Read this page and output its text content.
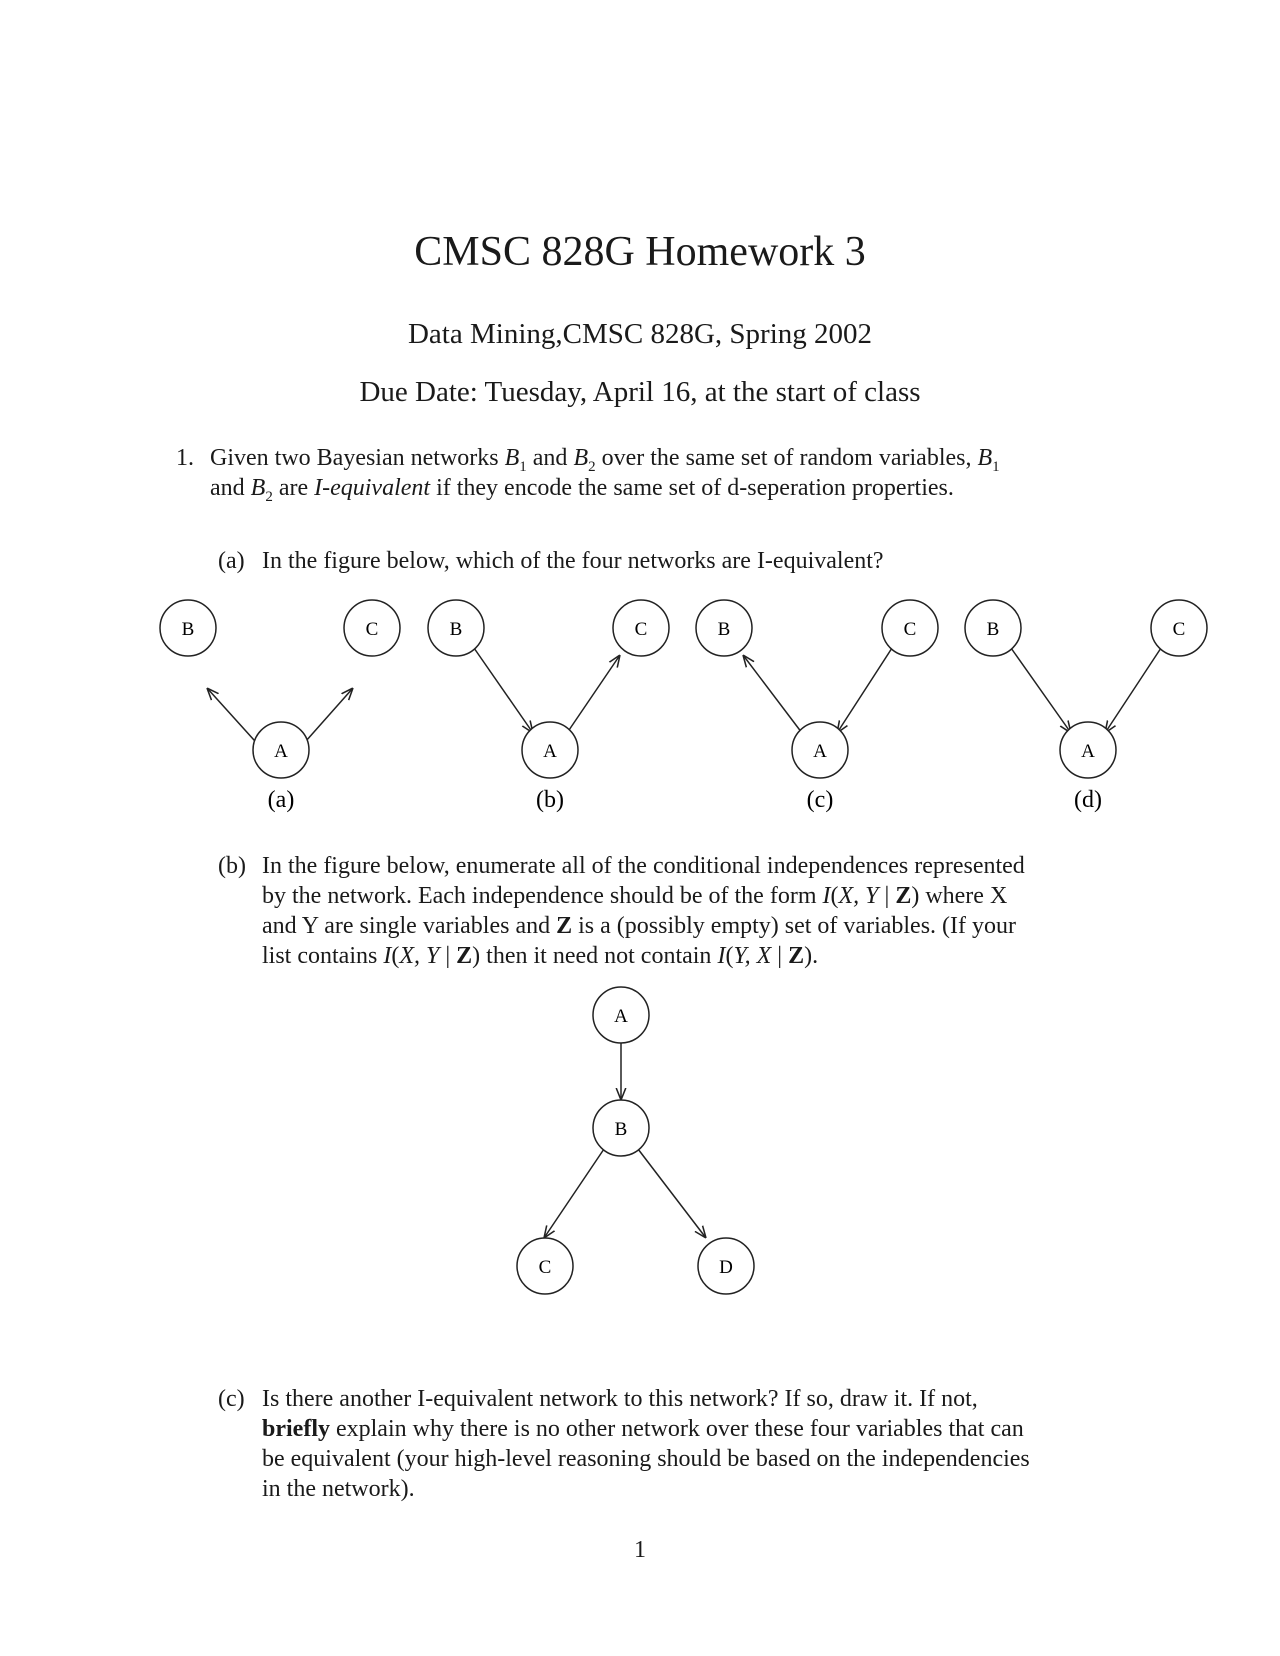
CMSC 828G Homework 3
Data Mining,CMSC 828G, Spring 2002
Due Date: Tuesday, April 16, at the start of class
1. Given two Bayesian networks $B_1$ and $B_2$ over the same set of random variables, $B_1$
and $B_2$ are I-equivalent if they encode the same set of d-seperation properties.
(a) In the figure below, which of the four networks are I-equivalent?
B	C
A
(a)
B	C
A
(b)
B	C
A
(c)
B	C
A
(d)
(b) In the figure below, enumerate all of the conditional independences represented
by the network. Each independence should be of the form I(X, Y | Z) where X
and Y are single variables and Z is a (possibly empty) set of variables. (If your
list contains I(X, Y | Z) then it need not contain I(Y, X | Z).
A
B
C	D
(c) Is there another I-equivalent network to this network? If so, draw it. If not,
briefly explain why there is no other network over these four variables that can
be equivalent (your high-level reasoning should be based on the independencies
in the network).
1
